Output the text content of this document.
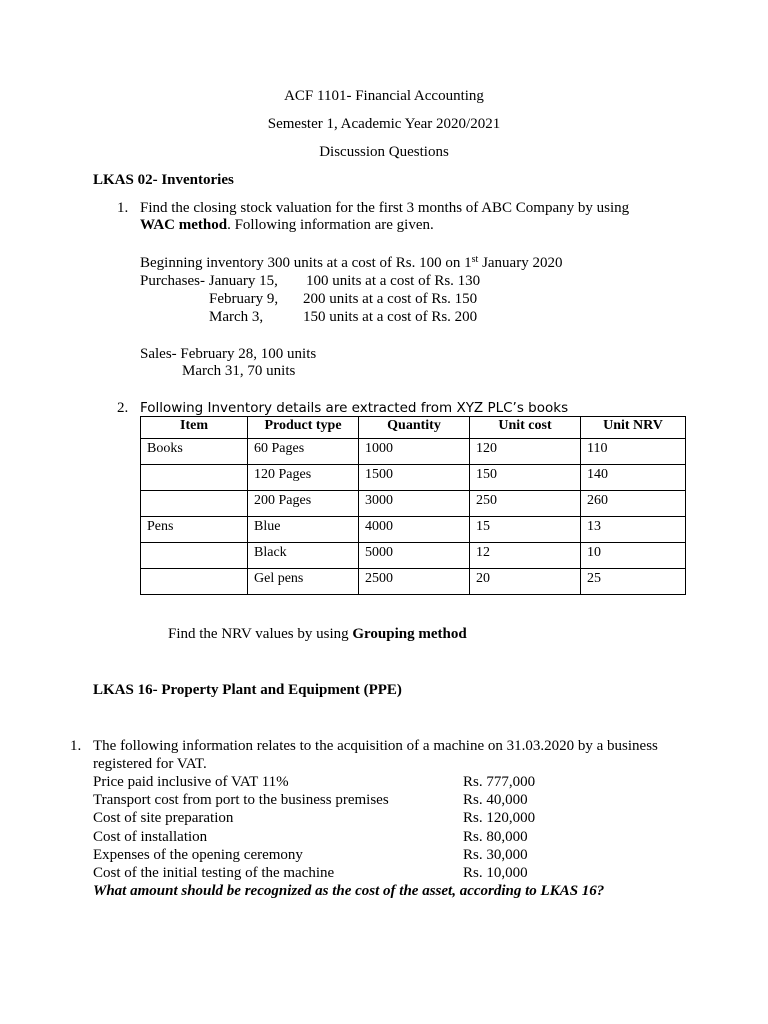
ACF 1101- Financial Accounting
Semester 1, Academic Year 2020/2021
Discussion Questions
LKAS 02- Inventories
1. Find the closing stock valuation for the first 3 months of ABC Company by using
WAC method. Following information are given.
Beginning inventory 300 units at a cost of Rs. 100 on 1st January 2020
Purchases- January 15, 100 units at a cost of Rs. 130
February 9, 200 units at a cost of Rs. 150
March 3,	150 units at a cost of Rs. 200
Sales- February 28, 100 units
March 31, 70 units
2. Following Inventory details are extracted from XYZ PLC’s books
Item	Product type	Quantity	Unit cost	Unit NRV
Books	60 Pages	1000	120	110
	120 Pages	1500	150	140
	200 Pages	3000	250	260
Pens	Blue	4000	15	13
	Black	5000	12	10
	Gel pens	2500	20	25
Find the NRV values by using Grouping method
LKAS 16- Property Plant and Equipment (PPE)
1. The following information relates to the acquisition of a machine on 31.03.2020 by a business
registered for VAT.
Price paid inclusive of VAT 11%	Rs. 777,000
Transport cost from port to the business premises	Rs. 40,000
Cost of site preparation	Rs. 120,000
Cost of installation	Rs. 80,000
Expenses of the opening ceremony	Rs. 30,000
Cost of the initial testing of the machine	Rs. 10,000
What amount should be recognized as the cost of the asset, according to LKAS 16?
